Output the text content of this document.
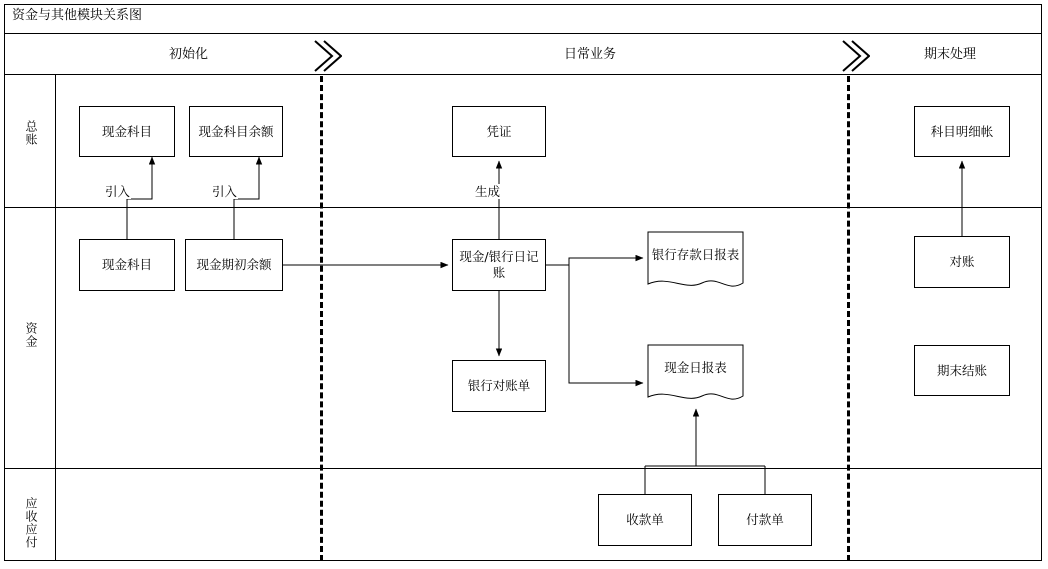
资金与其他模块关系图
初始化	日常业务	期末处理
总账
资金
应收应付
现金科目	现金科目余额	凭证	科目明细帐
现金科目	现金期初余额
现金/银行日记账
银行对账单
对账
期末结账
银行存款日报表
现金日报表
收款单	付款单
引入	引入	生成
